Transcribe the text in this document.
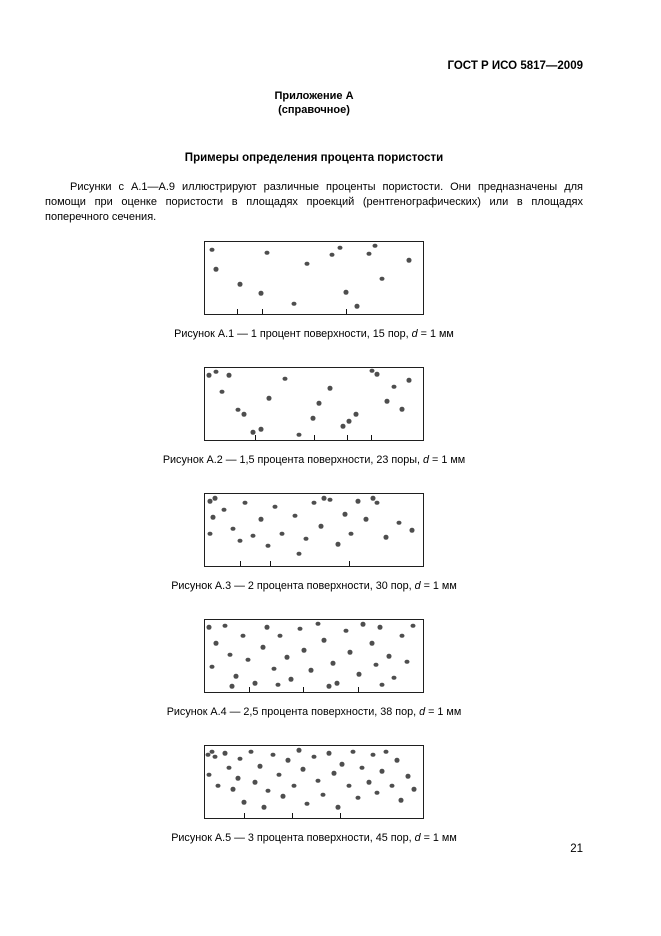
ГОСТ Р ИСО 5817—2009
Приложение А
(справочное)
Примеры определения процента пористости

Рисунки с А.1—А.9 иллюстрируют различные проценты пористости. Они предназначены для помощи при оценке пористости в площадях проекций (рентгенографических) или в площадях поперечного сечения.

Рисунок А.1 — 1 процент поверхности, 15 пор, d = 1 мм
Рисунок А.2 — 1,5 процента поверхности, 23 поры, d = 1 мм
Рисунок А.3 — 2 процента поверхности, 30 пор, d = 1 мм
Рисунок А.4 — 2,5 процента поверхности, 38 пор, d = 1 мм
Рисунок А.5 — 3 процента поверхности, 45 пор, d = 1 мм
21
